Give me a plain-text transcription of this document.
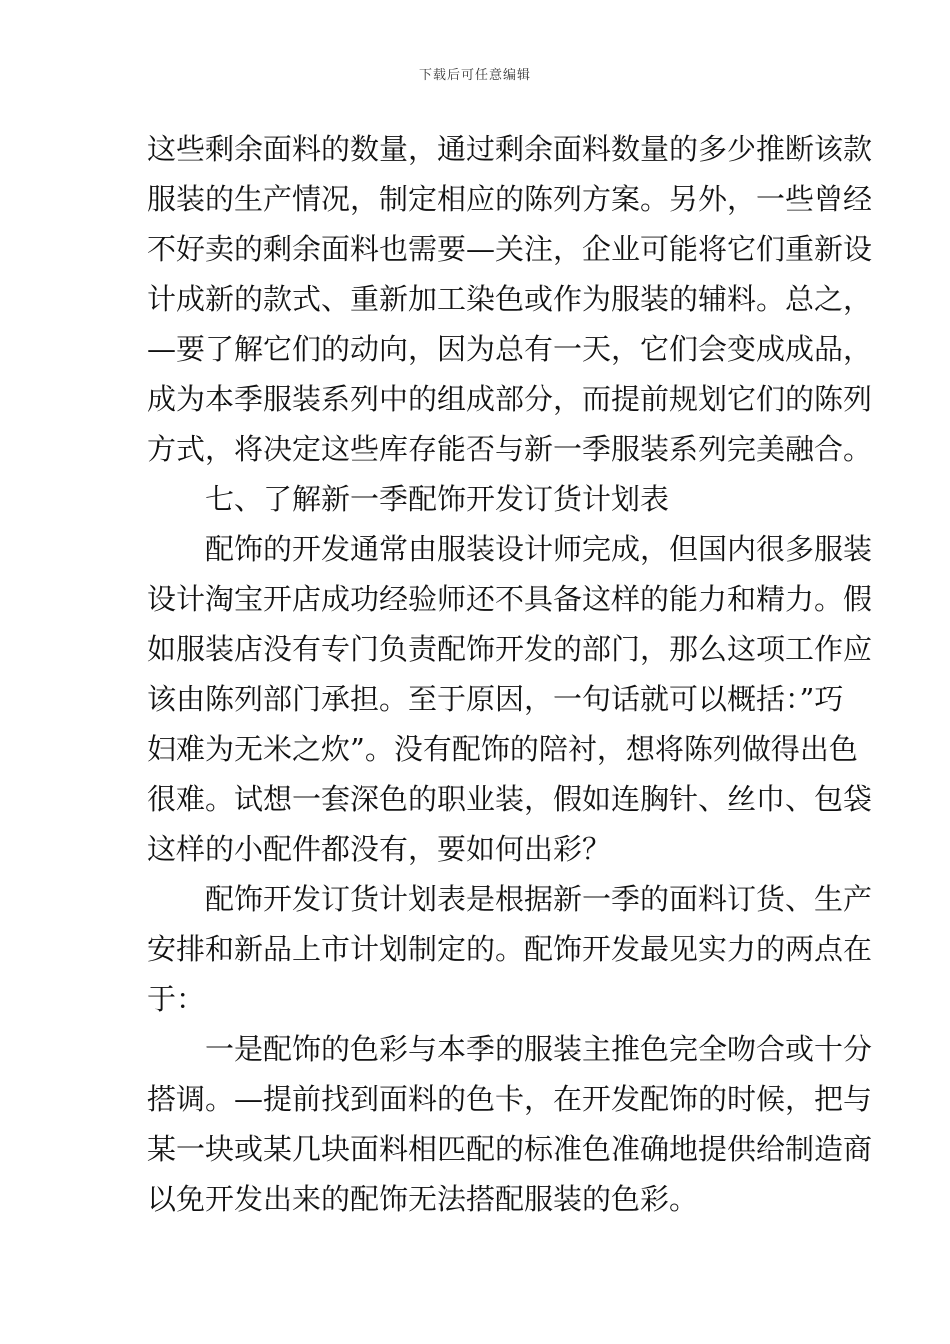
下载后可任意编辑

这些剩余面料的数量，通过剩余面料数量的多少推断该款
服装的生产情况，制定相应的陈列方案。另外，一些曾经
不好卖的剩余面料也需要—关注，企业可能将它们重新设
计成新的款式、重新加工染色或作为服装的辅料。总之，
—要了解它们的动向，因为总有一天，它们会变成成品，
成为本季服装系列中的组成部分，而提前规划它们的陈列
方式，将决定这些库存能否与新一季服装系列完美融合。

七、了解新一季配饰开发订货计划表

配饰的开发通常由服装设计师完成，但国内很多服装
设计淘宝开店成功经验师还不具备这样的能力和精力。假
如服装店没有专门负责配饰开发的部门，那么这项工作应
该由陈列部门承担。至于原因，一句话就可以概括：”巧
妇难为无米之炊”。没有配饰的陪衬，想将陈列做得出色
很难。试想一套深色的职业装，假如连胸针、丝巾、包袋
这样的小配件都没有，要如何出彩？

配饰开发订货计划表是根据新一季的面料订货、生产
安排和新品上市计划制定的。配饰开发最见实力的两点在
于：

一是配饰的色彩与本季的服装主推色完全吻合或十分
搭调。—提前找到面料的色卡，在开发配饰的时候，把与
某一块或某几块面料相匹配的标准色准确地提供给制造商
以免开发出来的配饰无法搭配服装的色彩。
